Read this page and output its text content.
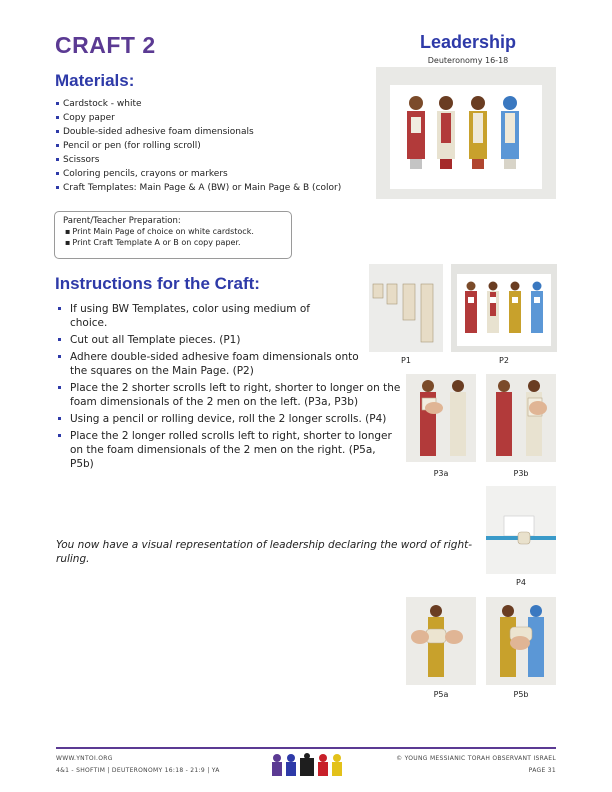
CRAFT 2	Leadership
Deuteronomy 16-18
Materials:
Cardstock - white
Copy paper
Double-sided adhesive foam dimensionals
Pencil or pen (for rolling scroll)
Scissors
Coloring pencils, crayons or markers
Craft Templates: Main Page & A (BW) or Main Page & B (color)
Parent/Teacher Preparation:
▪ Print Main Page of choice on white cardstock.
▪ Print Craft Template A or B on copy paper.
Instructions for the Craft:
If using BW Templates, color using medium of choice.
Cut out all Template pieces. (P1)
Adhere double-sided adhesive foam dimensionals onto the squares on the Main Page. (P2)
Place the 2 shorter scrolls left to right, shorter to longer on the foam dimensionals of the 2 men on the left. (P3a, P3b)
Using a pencil or rolling device, roll the 2 longer scrolls. (P4)
Place the 2 longer rolled scrolls left to right, shorter to longer on the foam dimensionals of the 2 men on the right. (P5a, P5b)
You now have a visual representation of leadership declaring the word of right-ruling.
P1	P2
P3a	P3b
P4
P5a	P5b
WWW.YNTOI.ORG
4&1 - SHOFTIM | DEUTERONOMY 16:18 - 21:9 | YA
© YOUNG MESSIANIC TORAH OBSERVANT ISRAEL
PAGE 31
